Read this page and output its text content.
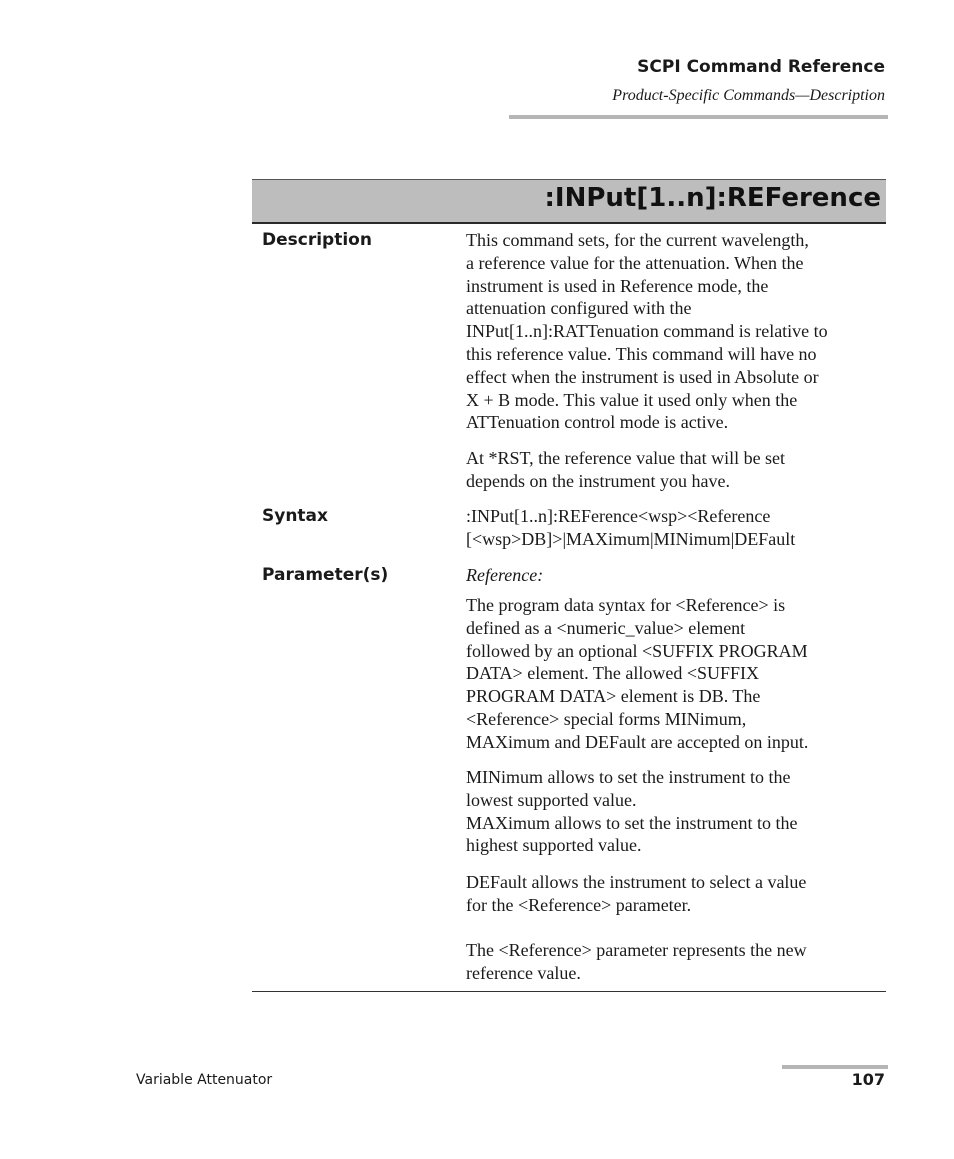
SCPI Command Reference
Product-Specific Commands—Description
:INPut[1..n]:REFerence
Description	This command sets, for the current wavelength,
a reference value for the attenuation. When the
instrument is used in Reference mode, the
attenuation configured with the
INPut[1..n]:RATTenuation command is relative to
this reference value. This command will have no
effect when the instrument is used in Absolute or
X + B mode. This value it used only when the
ATTenuation control mode is active.

At *RST, the reference value that will be set
depends on the instrument you have.

Syntax	:INPut[1..n]:REFerence<wsp><Reference
[<wsp>DB]>|MAXimum|MINimum|DEFault

Parameter(s)	Reference:

The program data syntax for <Reference> is
defined as a <numeric_value> element
followed by an optional <SUFFIX PROGRAM
DATA> element. The allowed <SUFFIX
PROGRAM DATA> element is DB. The
<Reference> special forms MINimum,
MAXimum and DEFault are accepted on input.

MINimum allows to set the instrument to the
lowest supported value.
MAXimum allows to set the instrument to the
highest supported value.

DEFault allows the instrument to select a value
for the <Reference> parameter.

The <Reference> parameter represents the new
reference value.

Variable Attenuator	107
